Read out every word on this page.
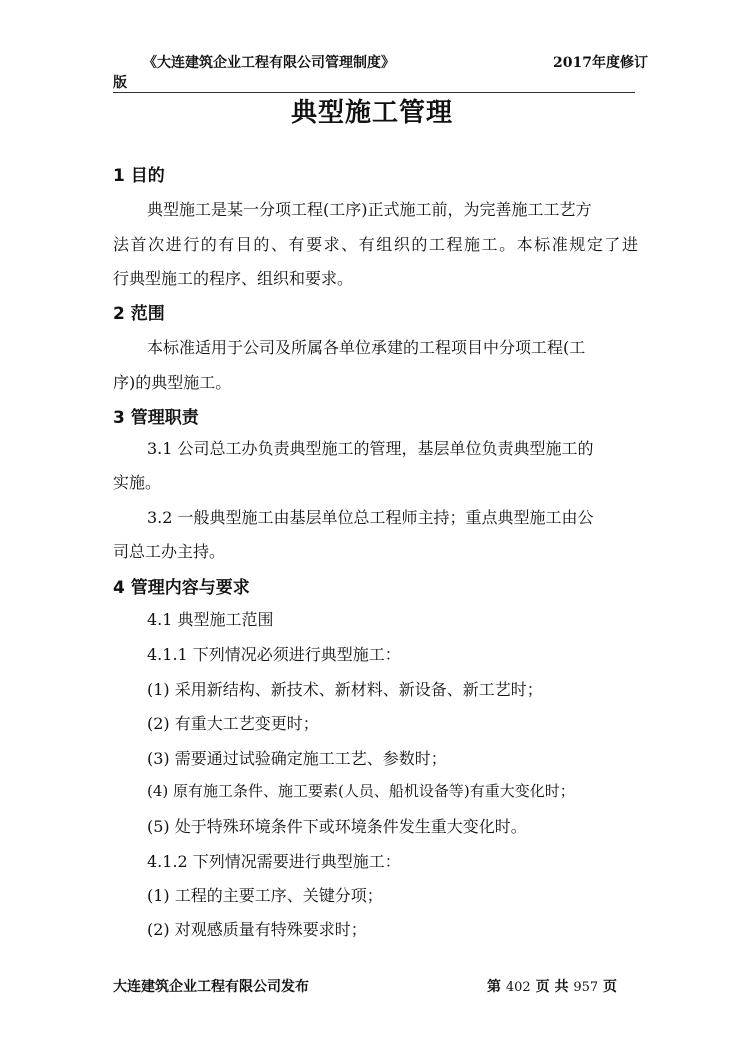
《大连建筑企业工程有限公司管理制度》	2017年度修订
版
典型施工管理
1 目的
典型施工是某一分项工程(工序)正式施工前，为完善施工工艺方
法首次进行的有目的、有要求、有组织的工程施工。本标准规定了进
行典型施工的程序、组织和要求。
2 范围
本标准适用于公司及所属各单位承建的工程项目中分项工程(工
序)的典型施工。
3 管理职责
3.1 公司总工办负责典型施工的管理，基层单位负责典型施工的
实施。
3.2 一般典型施工由基层单位总工程师主持；重点典型施工由公
司总工办主持。
4 管理内容与要求
4.1 典型施工范围
4.1.1 下列情况必须进行典型施工：
(1) 采用新结构、新技术、新材料、新设备、新工艺时；
(2) 有重大工艺变更时；
(3) 需要通过试验确定施工工艺、参数时；
(4) 原有施工条件、施工要素(人员、船机设备等)有重大变化时；
(5) 处于特殊环境条件下或环境条件发生重大变化时。
4.1.2 下列情况需要进行典型施工：
(1) 工程的主要工序、关键分项；
(2) 对观感质量有特殊要求时；
大连建筑企业工程有限公司发布	第 402 页 共 957 页
